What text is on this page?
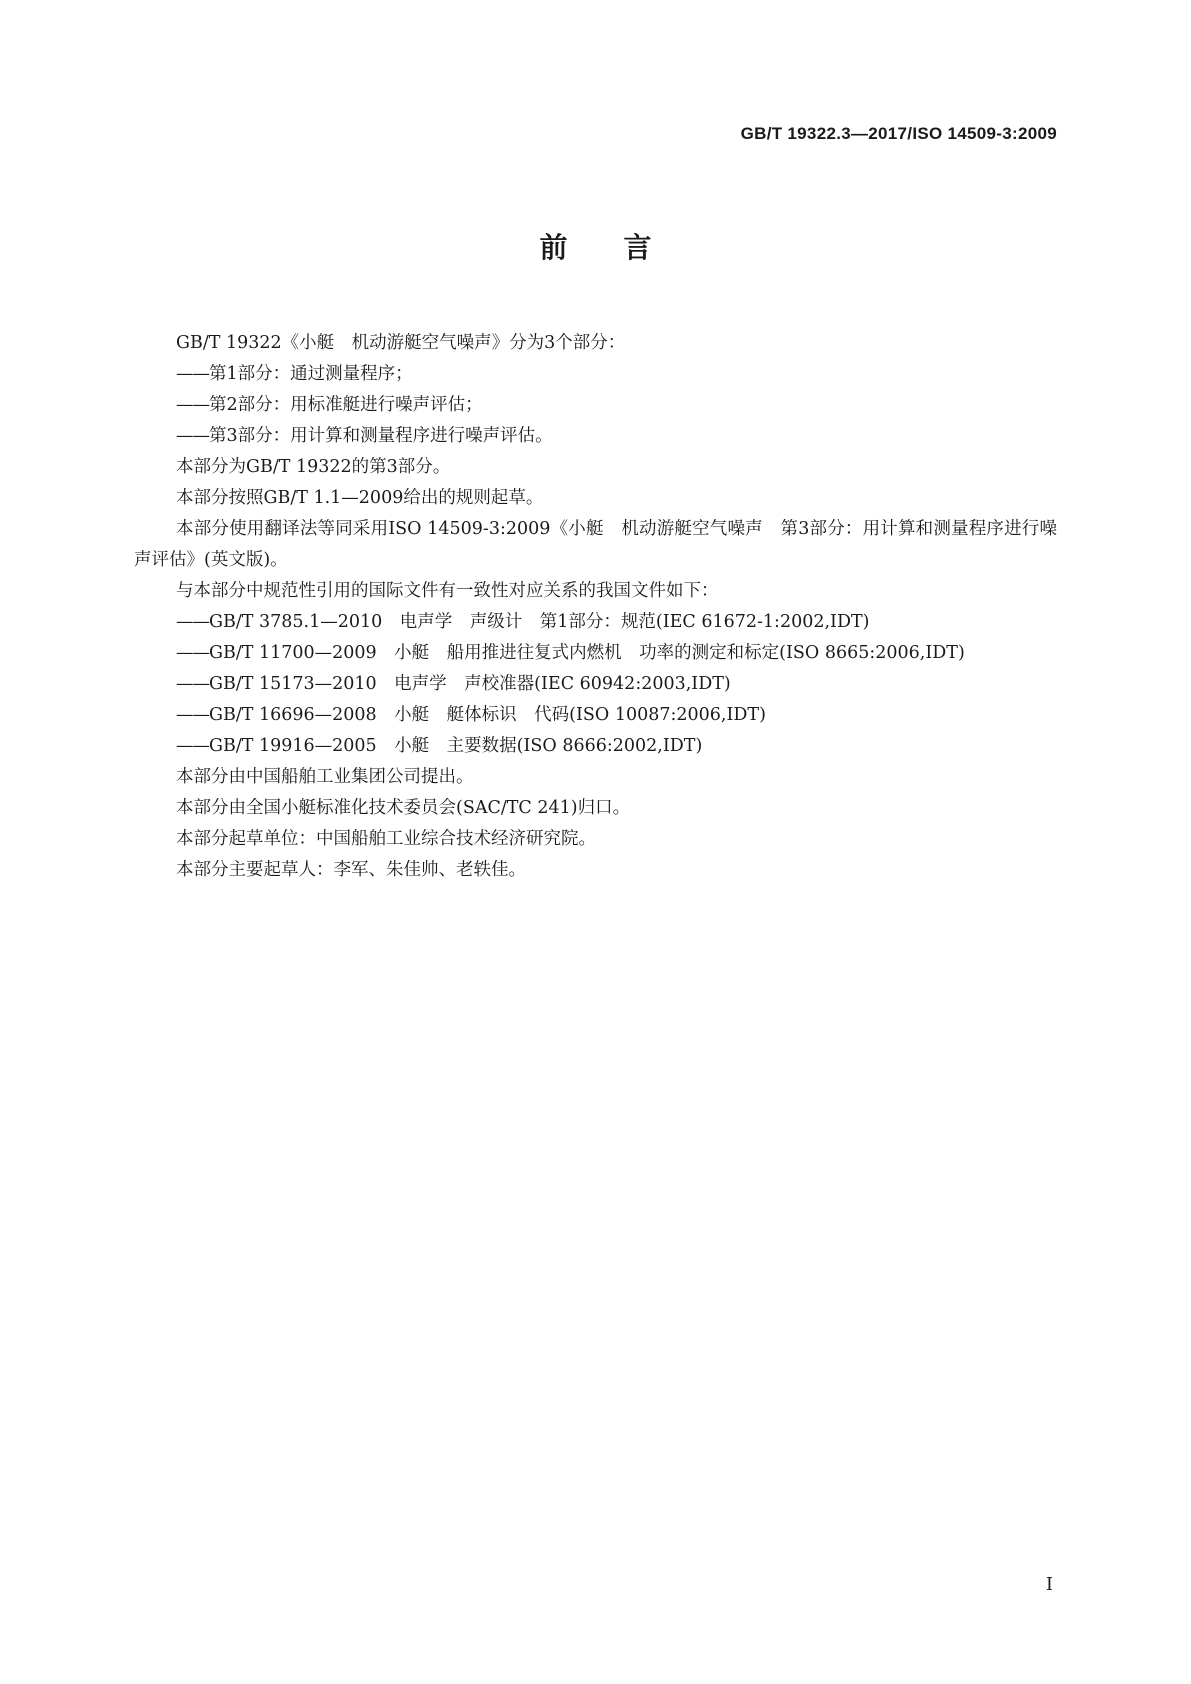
GB/T 19322.3—2017/ISO 14509-3:2009
前言

GB/T 19322《小艇　机动游艇空气噪声》分为3个部分：

——第1部分：通过测量程序；

——第2部分：用标准艇进行噪声评估；

——第3部分：用计算和测量程序进行噪声评估。

本部分为GB/T 19322的第3部分。

本部分按照GB/T 1.1—2009给出的规则起草。

本部分使用翻译法等同采用ISO 14509-3:2009《小艇　机动游艇空气噪声　第3部分：用计算和测量程序进行噪声评估》(英文版)。

与本部分中规范性引用的国际文件有一致性对应关系的我国文件如下：

——GB/T 3785.1—2010　电声学　声级计　第1部分：规范(IEC 61672-1:2002,IDT)

——GB/T 11700—2009　小艇　船用推进往复式内燃机　功率的测定和标定(ISO 8665:2006,IDT)

——GB/T 15173—2010　电声学　声校准器(IEC 60942:2003,IDT)

——GB/T 16696—2008　小艇　艇体标识　代码(ISO 10087:2006,IDT)

——GB/T 19916—2005　小艇　主要数据(ISO 8666:2002,IDT)

本部分由中国船舶工业集团公司提出。

本部分由全国小艇标准化技术委员会(SAC/TC 241)归口。

本部分起草单位：中国船舶工业综合技术经济研究院。

本部分主要起草人：李军、朱佳帅、老轶佳。

I
